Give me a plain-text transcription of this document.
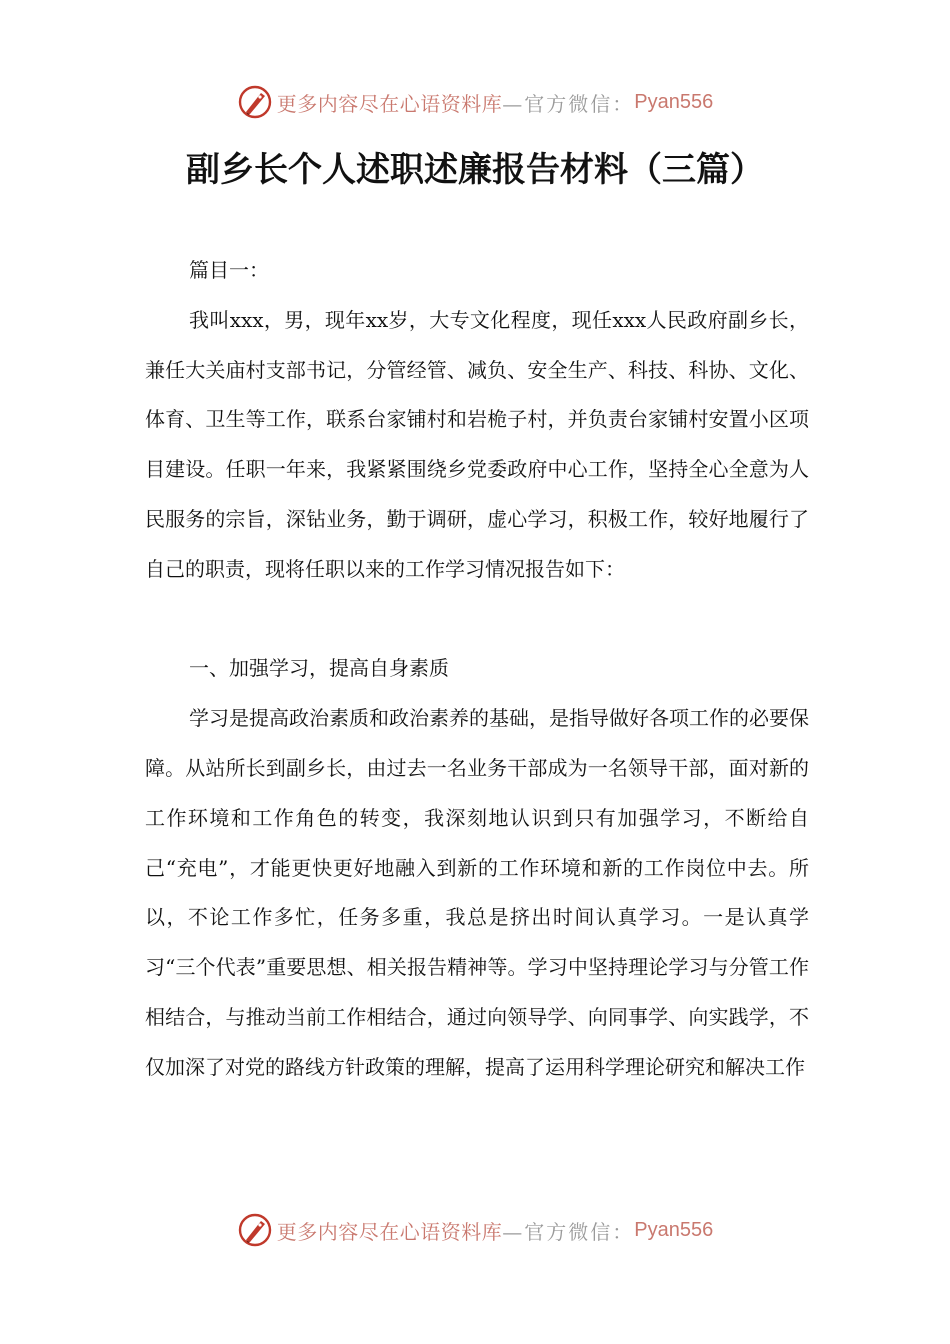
更多内容尽在心语资料库 —官方微信： Pyan556
副乡长个人述职述廉报告材料（三篇）

篇目一：

我叫xxx，男，现年xx岁，大专文化程度，现任xxx人民政府副乡长，兼任大关庙村支部书记，分管经管、减负、安全生产、科技、科协、文化、体育、卫生等工作，联系台家铺村和岩桅子村，并负责台家铺村安置小区项目建设。任职一年来，我紧紧围绕乡党委政府中心工作，坚持全心全意为人民服务的宗旨，深钻业务，勤于调研，虚心学习，积极工作，较好地履行了自己的职责，现将任职以来的工作学习情况报告如下：

一、加强学习，提高自身素质

学习是提高政治素质和政治素养的基础，是指导做好各项工作的必要保障。从站所长到副乡长，由过去一名业务干部成为一名领导干部，面对新的工作环境和工作角色的转变，我深刻地认识到只有加强学习，不断给自己“充电”，才能更快更好地融入到新的工作环境和新的工作岗位中去。所以，不论工作多忙，任务多重，我总是挤出时间认真学习。一是认真学习“三个代表”重要思想、相关报告精神等。学习中坚持理论学习与分管工作相结合，与推动当前工作相结合，通过向领导学、向同事学、向实践学，不仅加深了对党的路线方针政策的理解，提高了运用科学理论研究和解决工作

更多内容尽在心语资料库 —官方微信： Pyan556
